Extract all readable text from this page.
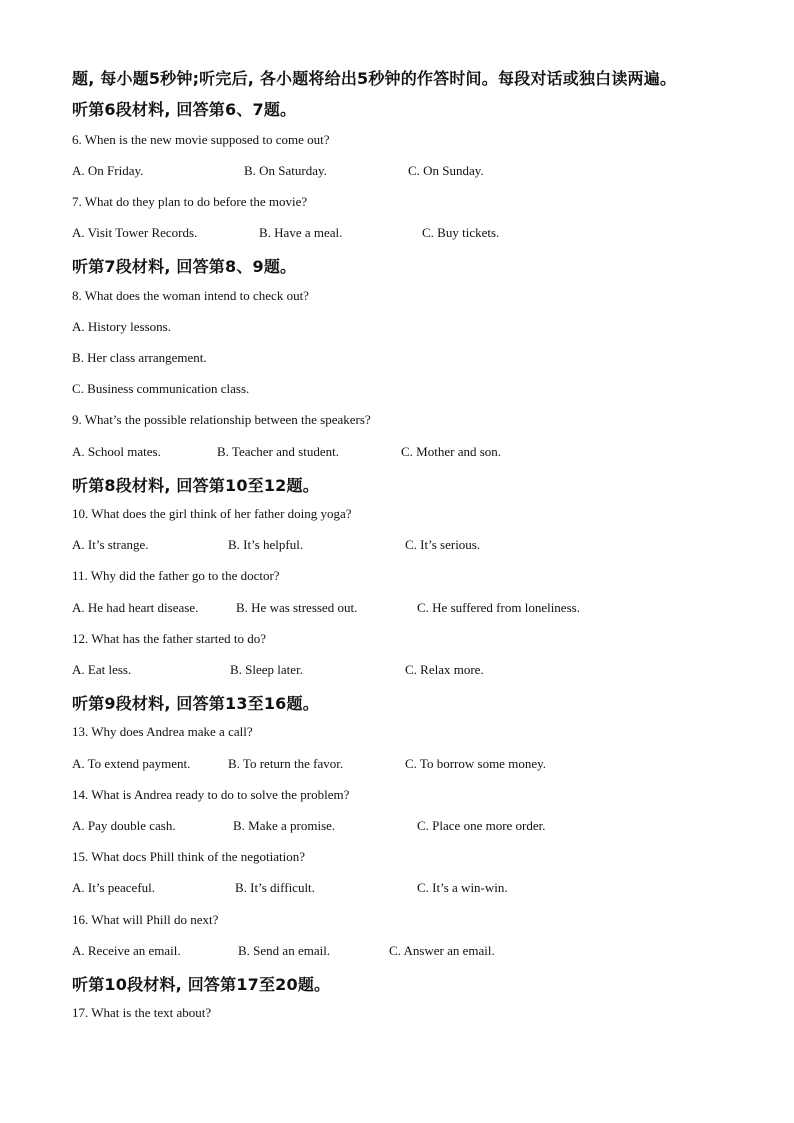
题, 每小题5秒钟;听完后, 各小题将给出5秒钟的作答时间。每段对话或独白读两遍。
听第6段材料, 回答第6、7题。
6. When is the new movie supposed to come out?
A. On Friday.	B. On Saturday.	C. On Sunday.
7. What do they plan to do before the movie?
A. Visit Tower Records.	B. Have a meal.	C. Buy tickets.
听第7段材料, 回答第8、9题。
8. What does the woman intend to check out?
A. History lessons.
B. Her class arrangement.
C. Business communication class.
9. What’s the possible relationship between the speakers?
A. School mates.	B. Teacher and student.	C. Mother and son.
听第8段材料, 回答第10至12题。
10. What does the girl think of her father doing yoga?
A. It’s strange.	B. It’s helpful.	C. It’s serious.
11. Why did the father go to the doctor?
A. He had heart disease.	B. He was stressed out.	C. He suffered from loneliness.
12. What has the father started to do?
A. Eat less.	B. Sleep later.	C. Relax more.
听第9段材料, 回答第13至16题。
13. Why does Andrea make a call?
A. To extend payment.	B. To return the favor.	C. To borrow some money.
14. What is Andrea ready to do to solve the problem?
A. Pay double cash.	B. Make a promise.	C. Place one more order.
15. What docs Phill think of the negotiation?
A. It’s peaceful.	B. It’s difficult.	C. It’s a win-win.
16. What will Phill do next?
A. Receive an email.	B. Send an email.	C. Answer an email.
听第10段材料, 回答第17至20题。
17. What is the text about?
